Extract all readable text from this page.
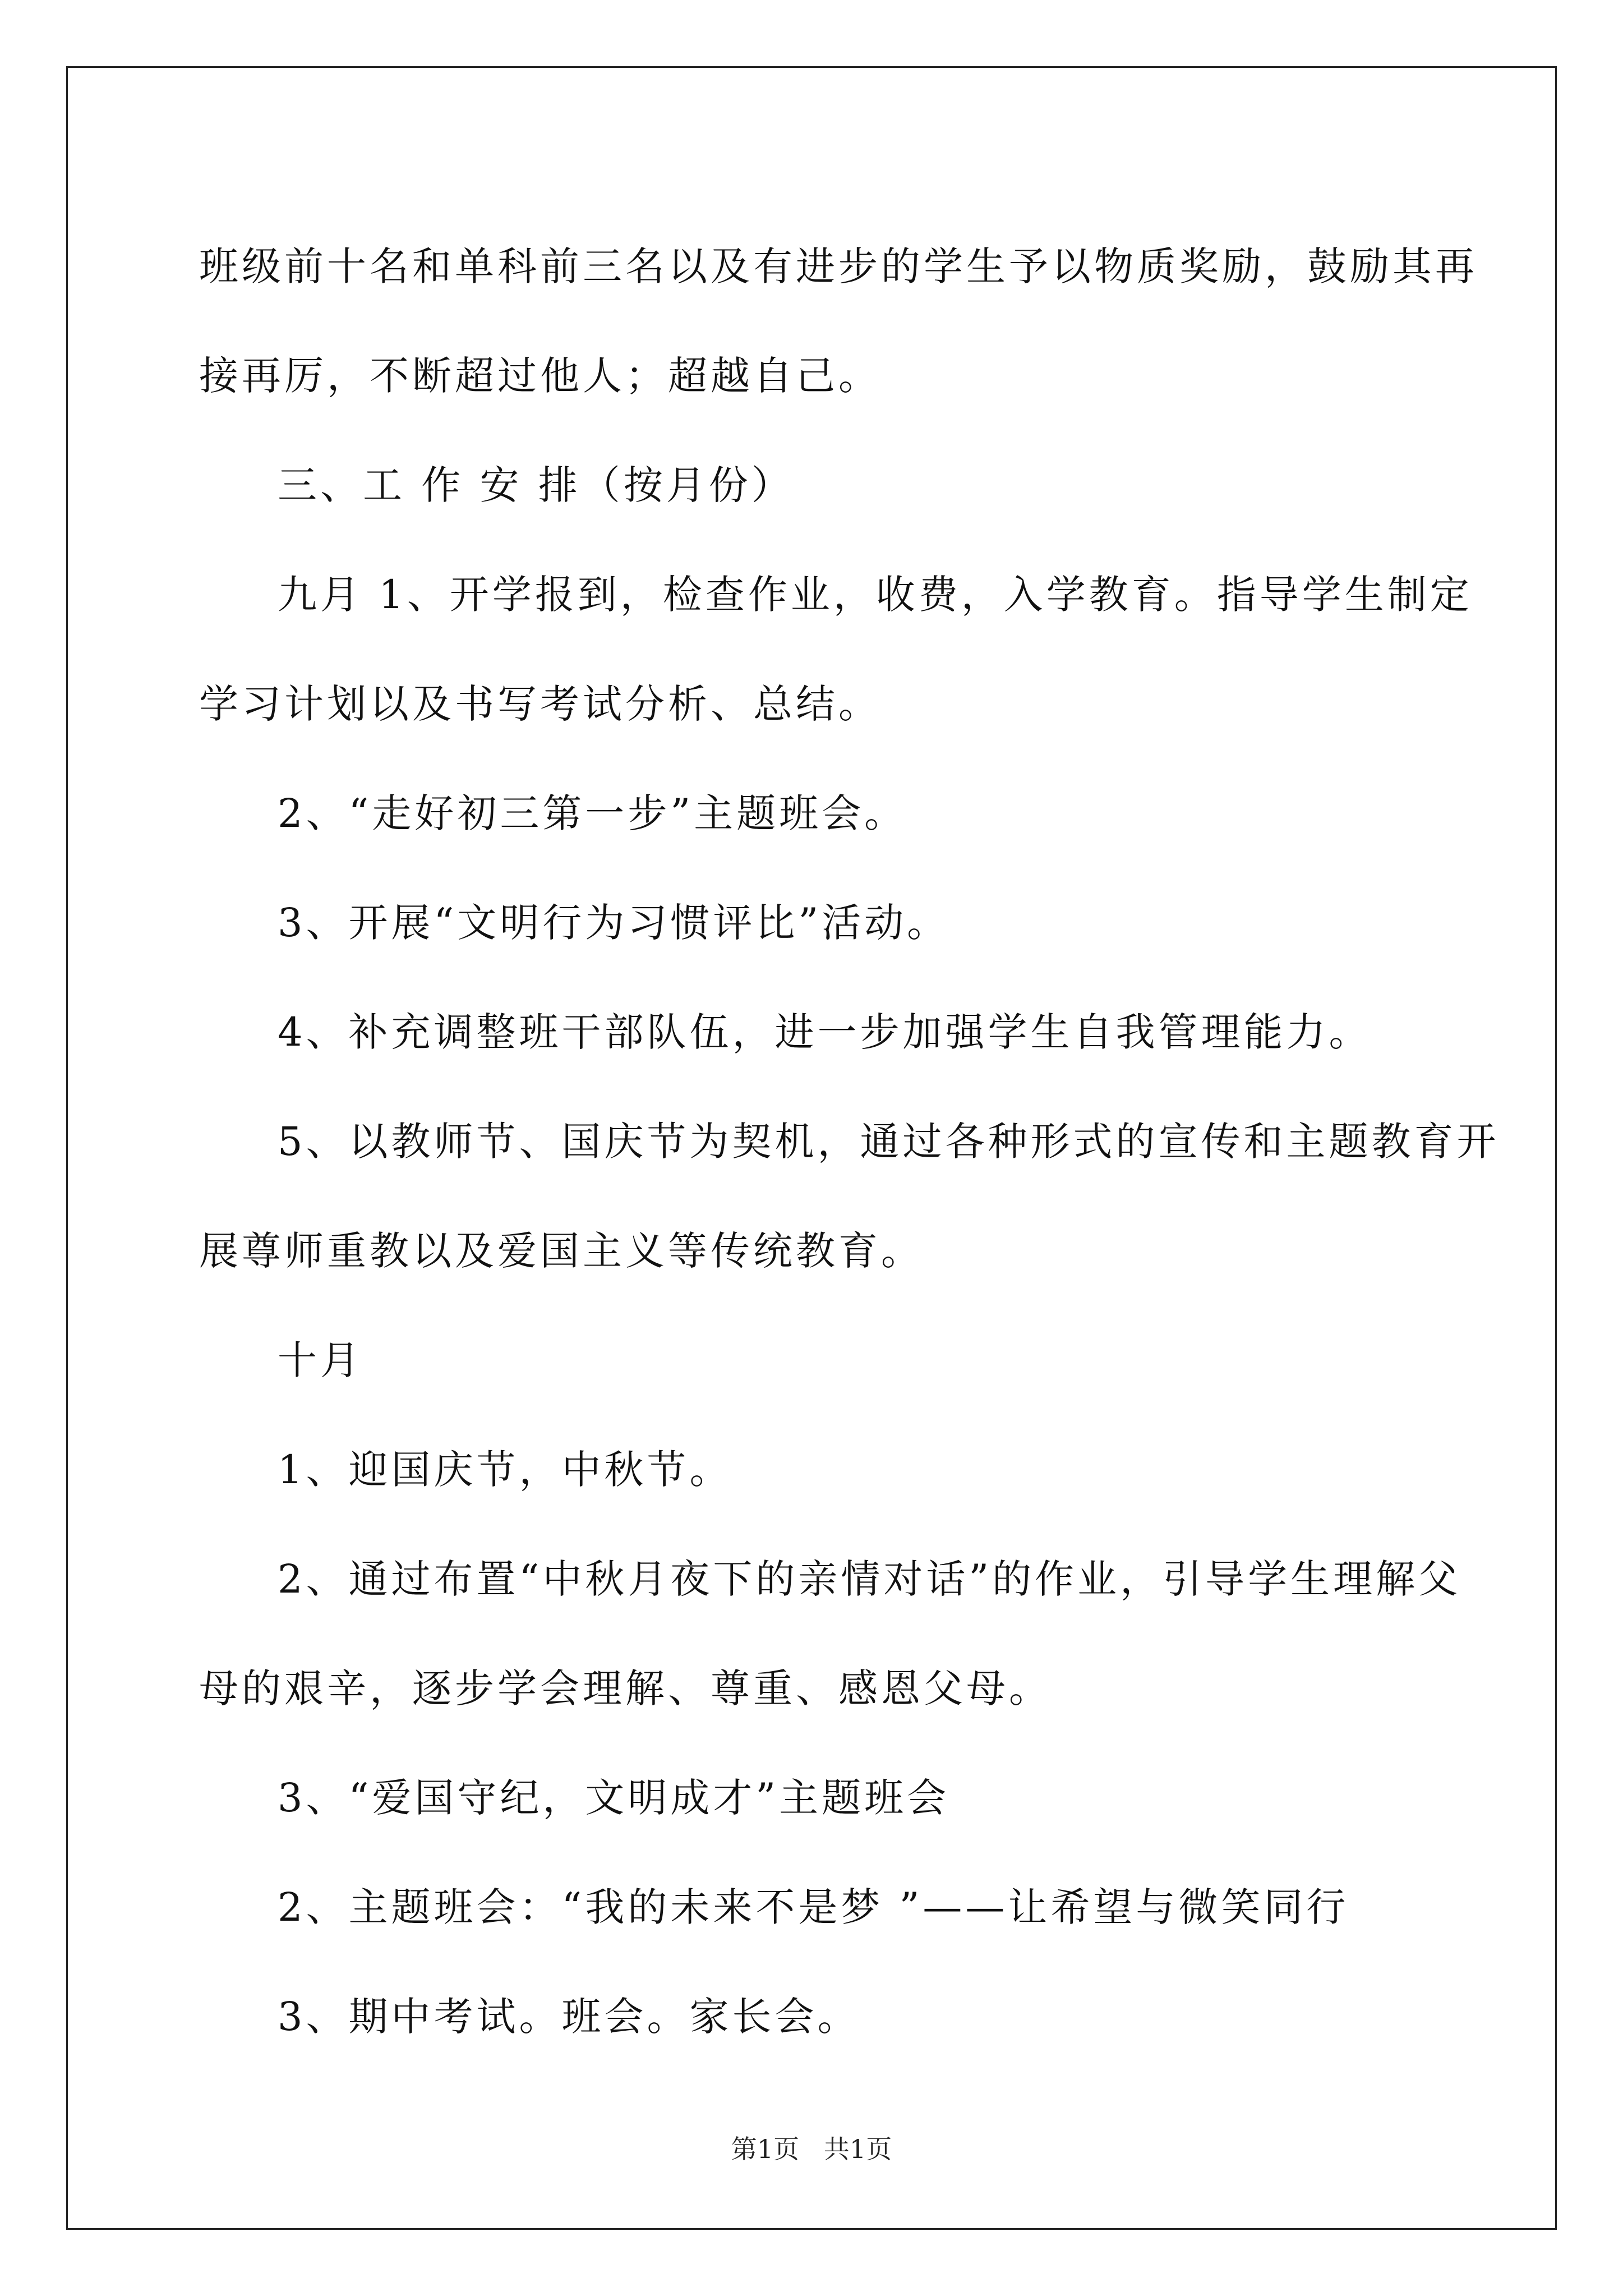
班级前十名和单科前三名以及有进步的学生予以物质奖励，鼓励其再

接再厉，不断超过他人；超越自己。

三、工 作 安 排（按月份）

九月 1、开学报到，检查作业，收费，入学教育。指导学生制定

学习计划以及书写考试分析、总结。

2、“走好初三第一步”主题班会。

3、开展“文明行为习惯评比”活动。

4、补充调整班干部队伍，进一步加强学生自我管理能力。

5、以教师节、国庆节为契机，通过各种形式的宣传和主题教育开

展尊师重教以及爱国主义等传统教育。

十月

1、迎国庆节，中秋节。

2、通过布置“中秋月夜下的亲情对话”的作业，引导学生理解父

母的艰辛，逐步学会理解、尊重、感恩父母。

3、“爱国守纪，文明成才”主题班会

2、主题班会：“我的未来不是梦 ”——让希望与微笑同行

3、期中考试。班会。家长会。

第1页   共1页
